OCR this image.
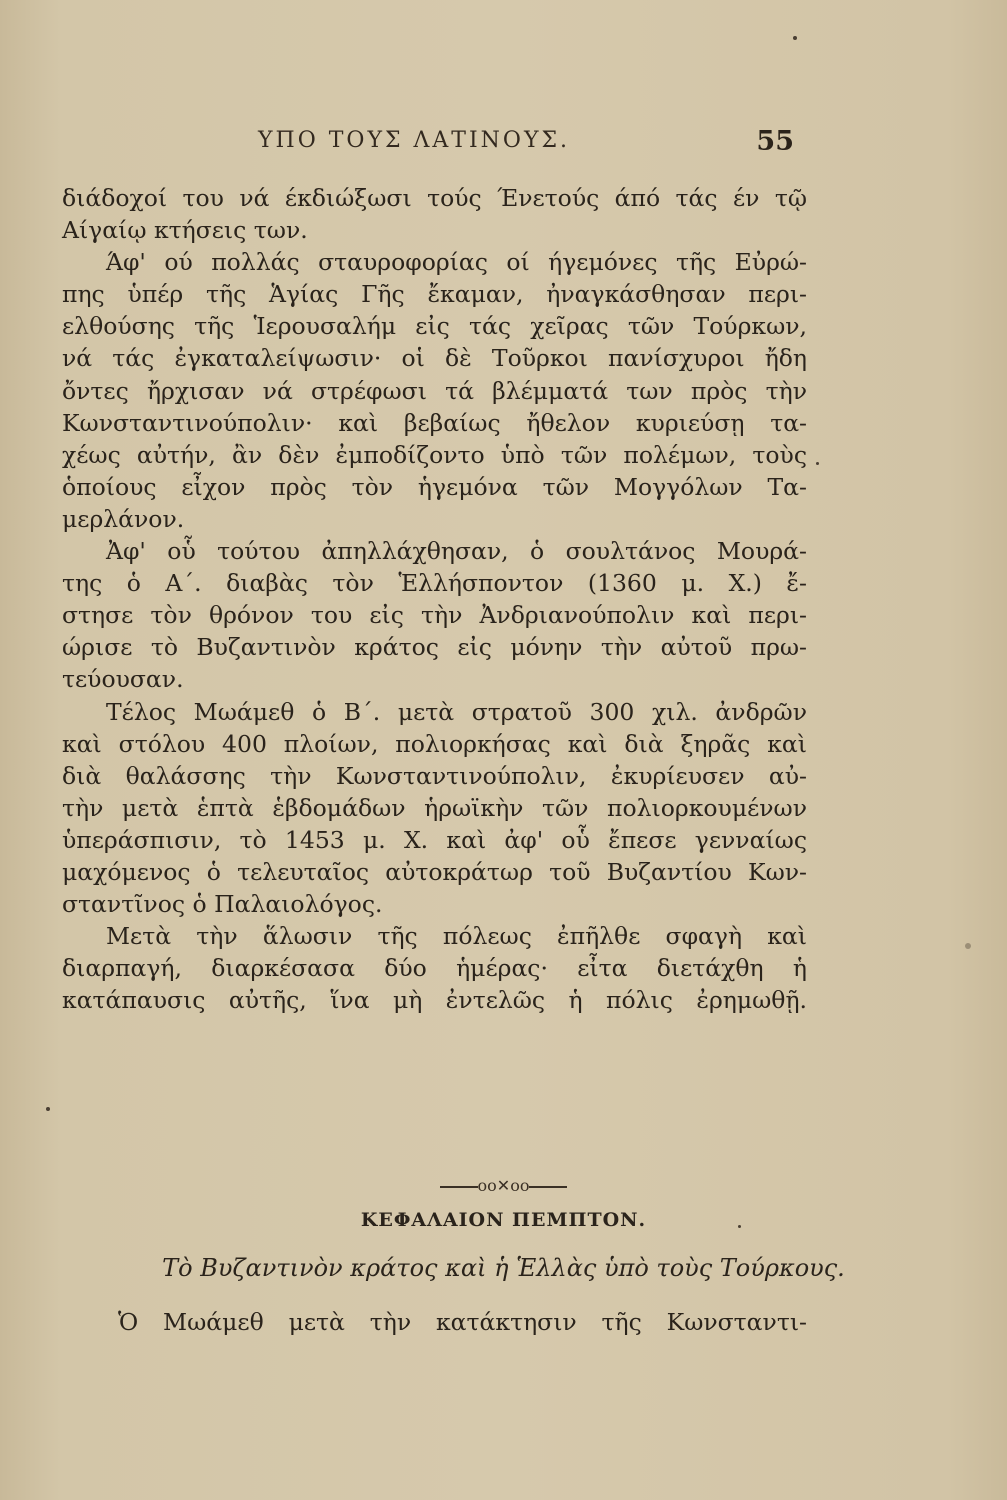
ΥΠΟ ΤΟΥΣ ΛΑΤΙΝΟΥΣ.	55
διάδοχοί του νά έκδιώξωσι τούς Ένετούς άπό τάς έν τῷ
Αίγαίῳ κτήσεις των.
Άφ' ού πολλάς σταυροφορίας οί ήγεμόνες τῆς Εὐρώ-
πης ὑπέρ τῆς Ἁγίας Γῆς ἔκαμαν, ἠναγκάσθησαν περι-
ελθούσης τῆς Ἱερουσαλήμ εἰς τάς χεῖρας τῶν Τούρκων,
νά τάς ἐγκαταλείψωσιν· οἱ δὲ Τοῦρκοι πανίσχυροι ἤδη
ὄντες ἤρχισαν νά στρέφωσι τά βλέμματά των πρὸς τὴν
Κωνσταντινούπολιν· καὶ βεβαίως ἤθελον κυριεύσῃ τα-
χέως αὐτήν, ἂν δὲν ἐμποδίζοντο ὑπὸ τῶν πολέμων, τοὺς
ὁποίους εἶχον πρὸς τὸν ἡγεμόνα τῶν Μογγόλων Τα-
μερλάνον.
Ἀφ' οὗ τούτου ἀπηλλάχθησαν, ὁ σουλτάνος Μουρά-
της ὁ Α΄. διαβὰς τὸν Ἑλλήσποντον (1360 μ. Χ.) ἔ-
στησε τὸν θρόνον του εἰς τὴν Ἀνδριανούπολιν καὶ περι-
ώρισε τὸ Βυζαντινὸν κράτος εἰς μόνην τὴν αὐτοῦ πρω-
τεύουσαν.
Τέλος Μωάμεθ ὁ Β΄. μετὰ στρατοῦ 300 χιλ. ἀνδρῶν
καὶ στόλου 400 πλοίων, πολιορκήσας καὶ διὰ ξηρᾶς καὶ
διὰ θαλάσσης τὴν Κωνσταντινούπολιν, ἐκυρίευσεν αὐ-
τὴν μετὰ ἑπτὰ ἑβδομάδων ἡρωϊκὴν τῶν πολιορκουμένων
ὑπεράσπισιν, τὸ 1453 μ. Χ. καὶ ἀφ' οὗ ἔπεσε γενναίως
μαχόμενος ὁ τελευταῖος αὐτοκράτωρ τοῦ Βυζαντίου Κων-
σταντῖνος ὁ Παλαιολόγος.
Μετὰ τὴν ἅλωσιν τῆς πόλεως ἐπῆλθε σφαγὴ καὶ
διαρπαγή, διαρκέσασα δύο ἡμέρας· εἶτα διετάχθη ἡ
κατάπαυσις αὐτῆς, ἵνα μὴ ἐντελῶς ἡ πόλις ἐρημωθῇ.
oo✕oo
ΚΕΦΑΛΑΙΟΝ ΠΕΜΠΤΟΝ.
Τὸ Βυζαντινὸν κράτος καὶ ἡ Ἑλλὰς ὑπὸ τοὺς Τούρκους.
Ὁ Μωάμεθ μετὰ τὴν κατάκτησιν τῆς Κωνσταντι-
